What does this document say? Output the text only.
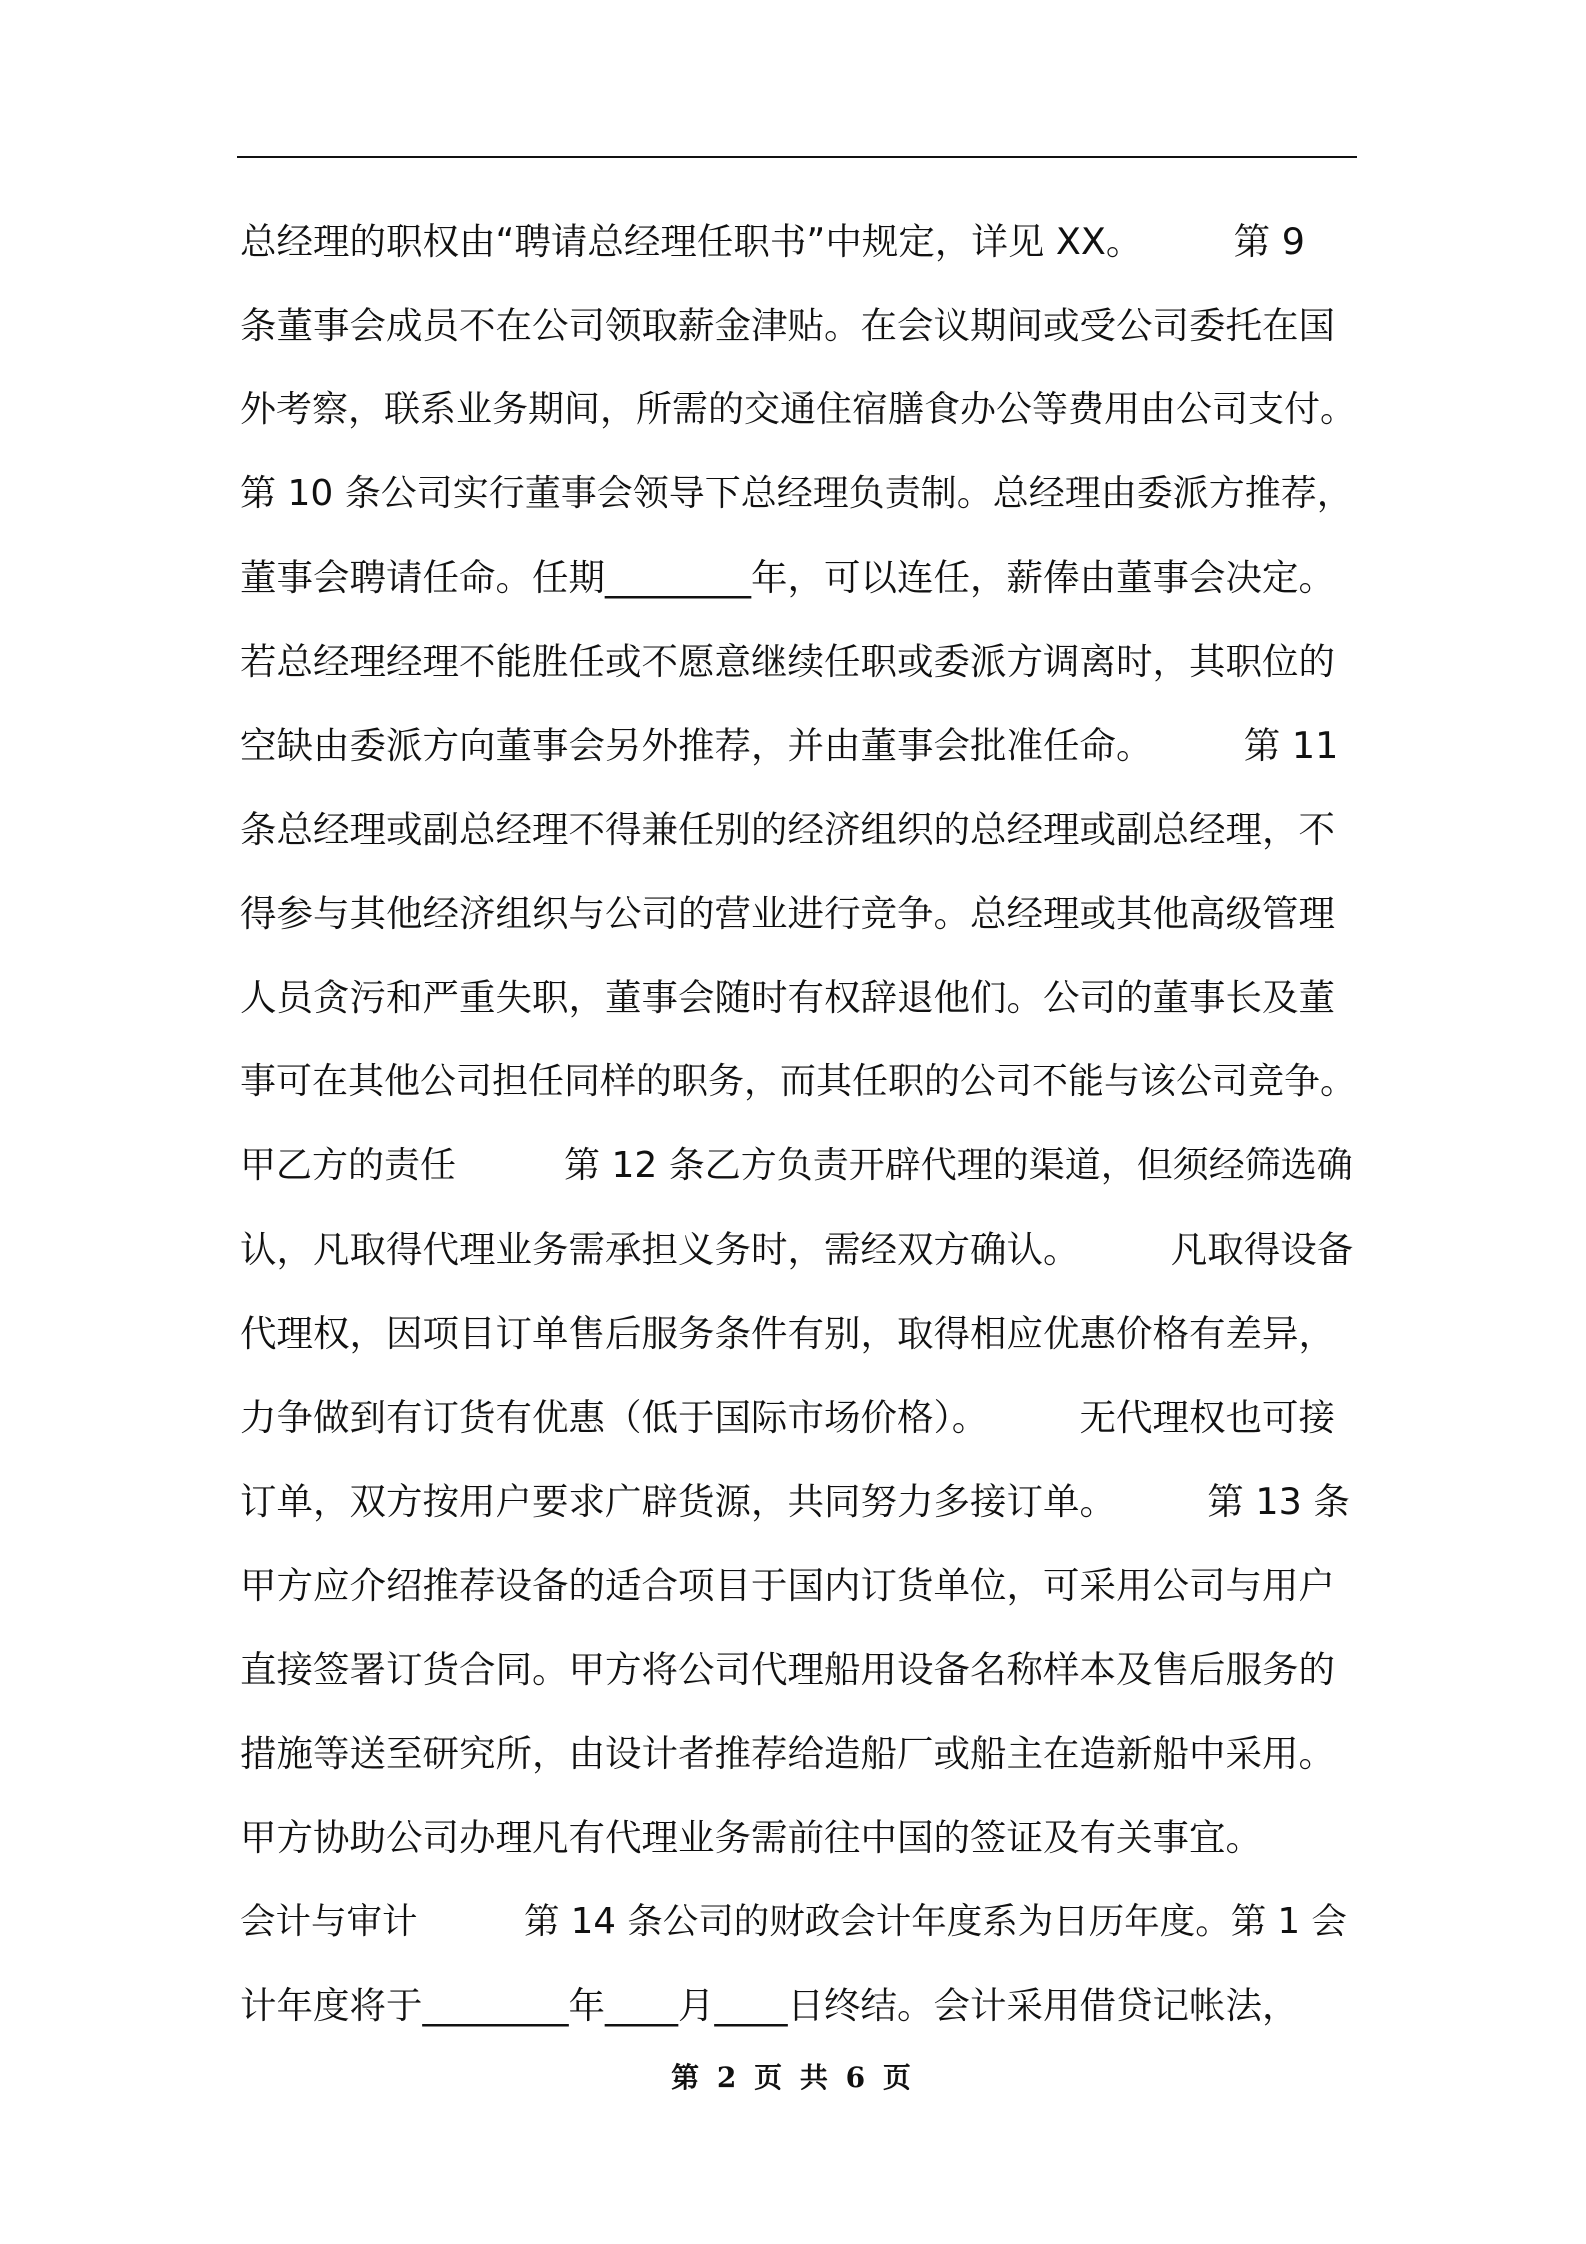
总经理的职权由“聘请总经理任职书”中规定，详见 XX。　　　第 9
条董事会成员不在公司领取薪金津贴。在会议期间或受公司委托在国
外考察，联系业务期间，所需的交通住宿膳食办公等费用由公司支付。
第 10 条公司实行董事会领导下总经理负责制。总经理由委派方推荐，
董事会聘请任命。任期________年，可以连任，薪俸由董事会决定。
若总经理经理不能胜任或不愿意继续任职或委派方调离时，其职位的
空缺由委派方向董事会另外推荐，并由董事会批准任命。　　　第 11
条总经理或副总经理不得兼任别的经济组织的总经理或副总经理，不
得参与其他经济组织与公司的营业进行竞争。总经理或其他高级管理
人员贪污和严重失职，董事会随时有权辞退他们。公司的董事长及董
事可在其他公司担任同样的职务，而其任职的公司不能与该公司竞争。
甲乙方的责任　　　第 12 条乙方负责开辟代理的渠道，但须经筛选确
认，凡取得代理业务需承担义务时，需经双方确认。　　　凡取得设备
代理权，因项目订单售后服务条件有别，取得相应优惠价格有差异，
力争做到有订货有优惠（低于国际市场价格）。　　　无代理权也可接
订单，双方按用户要求广辟货源，共同努力多接订单。　　　第 13 条
甲方应介绍推荐设备的适合项目于国内订货单位，可采用公司与用户
直接签署订货合同。甲方将公司代理船用设备名称样本及售后服务的
措施等送至研究所，由设计者推荐给造船厂或船主在造新船中采用。
甲方协助公司办理凡有代理业务需前往中国的签证及有关事宜。
会计与审计　　　第 14 条公司的财政会计年度系为日历年度。第 1 会
计年度将于________年____月____日终结。会计采用借贷记帐法，
第 2 页 共 6 页
